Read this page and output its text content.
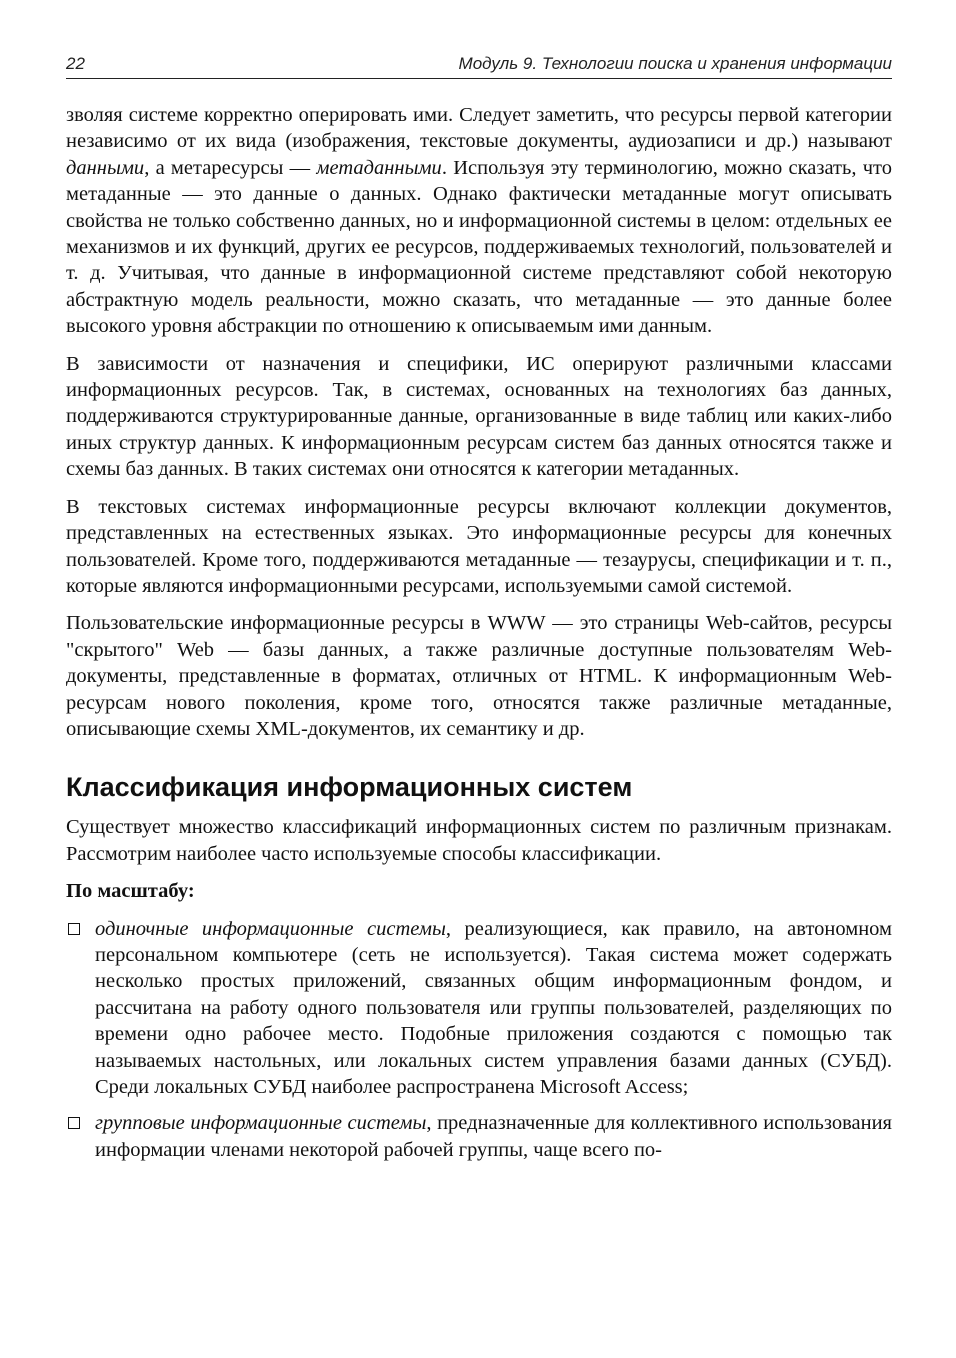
22	Модуль 9. Технологии поиска и хранения информации

зволяя системе корректно оперировать ими. Следует заметить, что ресурсы первой категории независимо от их вида (изображения, текстовые документы, аудиозаписи и др.) называют данными, а метаресурсы — метаданными. Используя эту терминологию, можно сказать, что метаданные — это данные о данных. Однако фактически метаданные могут описывать свойства не только собственно данных, но и информационной системы в целом: отдельных ее механизмов и их функций, других ее ресурсов, поддерживаемых технологий, пользователей и т. д. Учитывая, что данные в информационной системе представляют собой некоторую абстрактную модель реальности, можно сказать, что метаданные — это данные более высокого уровня абстракции по отношению к описываемым ими данным.

В зависимости от назначения и специфики, ИС оперируют различными классами информационных ресурсов. Так, в системах, основанных на технологиях баз данных, поддерживаются структурированные данные, организованные в виде таблиц или каких-либо иных структур данных. К информационным ресурсам систем баз данных относятся также и схемы баз данных. В таких системах они относятся к категории метаданных.

В текстовых системах информационные ресурсы включают коллекции документов, представленных на естественных языках. Это информационные ресурсы для конечных пользователей. Кроме того, поддерживаются метаданные — тезаурусы, спецификации и т. п., которые являются информационными ресурсами, используемыми самой системой.

Пользовательские информационные ресурсы в WWW — это страницы Web-сайтов, ресурсы "скрытого" Web — базы данных, а также различные доступные пользователям Web-документы, представленные в форматах, отличных от HTML. К информационным Web-ресурсам нового поколения, кроме того, относятся также различные метаданные, описывающие схемы XML-документов, их семантику и др.

Классификация информационных систем

Существует множество классификаций информационных систем по различным признакам. Рассмотрим наиболее часто используемые способы классификации.

По масштабу:

одиночные информационные системы, реализующиеся, как правило, на автономном персональном компьютере (сеть не используется). Такая система может содержать несколько простых приложений, связанных общим информационным фондом, и рассчитана на работу одного пользователя или группы пользователей, разделяющих по времени одно рабочее место. Подобные приложения создаются с помощью так называемых настольных, или локальных систем управления базами данных (СУБД). Среди локальных СУБД наиболее распространена Microsoft Access;
групповые информационные системы, предназначенные для коллективного использования информации членами некоторой рабочей группы, чаще всего по-
